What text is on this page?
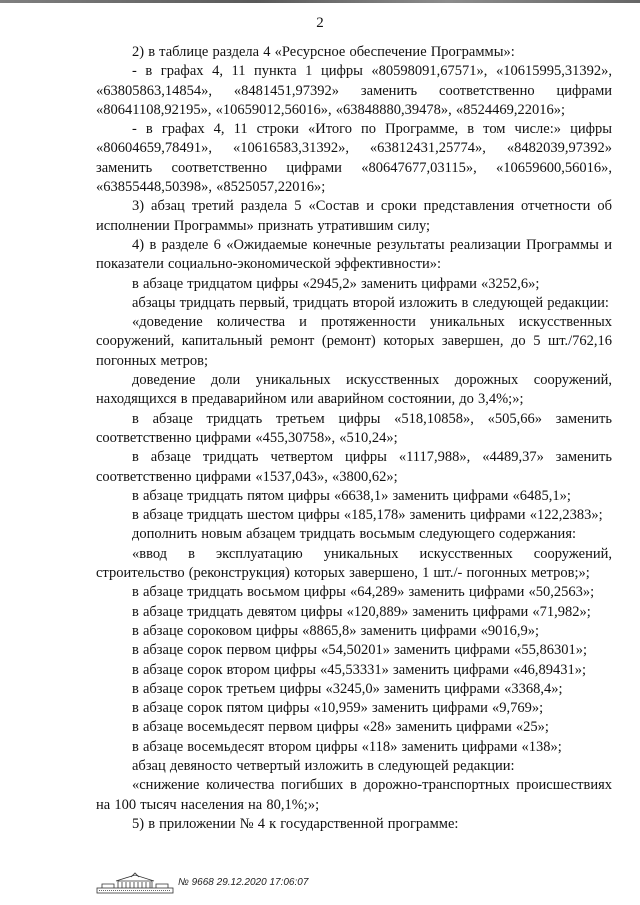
2

2) в таблице раздела 4 «Ресурсное обеспечение Программы»:

- в графах 4, 11 пункта 1 цифры «80598091,67571», «10615995,31392», «63805863,14854», «8481451,97392» заменить соответственно цифрами «80641108,92195», «10659012,56016», «63848880,39478», «8524469,22016»;

- в графах 4, 11 строки «Итого по Программе, в том числе:» цифры «80604659,78491», «10616583,31392», «63812431,25774», «8482039,97392» заменить соответственно цифрами «80647677,03115», «10659600,56016», «63855448,50398», «8525057,22016»;

3) абзац третий раздела 5 «Состав и сроки представления отчетности об исполнении Программы» признать утратившим силу;

4) в разделе 6 «Ожидаемые конечные результаты реализации Программы и показатели социально-экономической эффективности»:

в абзаце тридцатом цифры «2945,2» заменить цифрами «3252,6»;

абзацы тридцать первый, тридцать второй изложить в следующей редакции:

«доведение количества и протяженности уникальных искусственных сооружений, капитальный ремонт (ремонт) которых завершен, до 5 шт./762,16 погонных метров;

доведение доли уникальных искусственных дорожных сооружений, находящихся в предаварийном или аварийном состоянии, до 3,4%;»;

в абзаце тридцать третьем цифры «518,10858», «505,66» заменить соответственно цифрами «455,30758», «510,24»;

в абзаце тридцать четвертом цифры «1117,988», «4489,37» заменить соответственно цифрами «1537,043», «3800,62»;

в абзаце тридцать пятом цифры «6638,1» заменить цифрами «6485,1»;

в абзаце тридцать шестом цифры «185,178» заменить цифрами «122,2383»;

дополнить новым абзацем тридцать восьмым следующего содержания:

«ввод в эксплуатацию уникальных искусственных сооружений, строительство (реконструкция) которых завершено, 1 шт./- погонных метров;»;

в абзаце тридцать восьмом цифры «64,289» заменить цифрами «50,2563»;

в абзаце тридцать девятом цифры «120,889» заменить цифрами «71,982»;

в абзаце сороковом цифры «8865,8» заменить цифрами «9016,9»;

в абзаце сорок первом цифры «54,50201» заменить цифрами «55,86301»;

в абзаце сорок втором цифры «45,53331» заменить цифрами «46,89431»;

в абзаце сорок третьем цифры «3245,0» заменить цифрами «3368,4»;

в абзаце сорок пятом цифры «10,959» заменить цифрами «9,769»;

в абзаце восемьдесят первом цифры «28» заменить цифрами «25»;

в абзаце восемьдесят втором цифры «118» заменить цифрами «138»;

абзац девяносто четвертый изложить в следующей редакции:

«снижение количества погибших в дорожно-транспортных происшествиях на 100 тысяч населения на 80,1%;»;

5) в приложении № 4 к государственной программе:

№ 9668 29.12.2020 17:06:07
